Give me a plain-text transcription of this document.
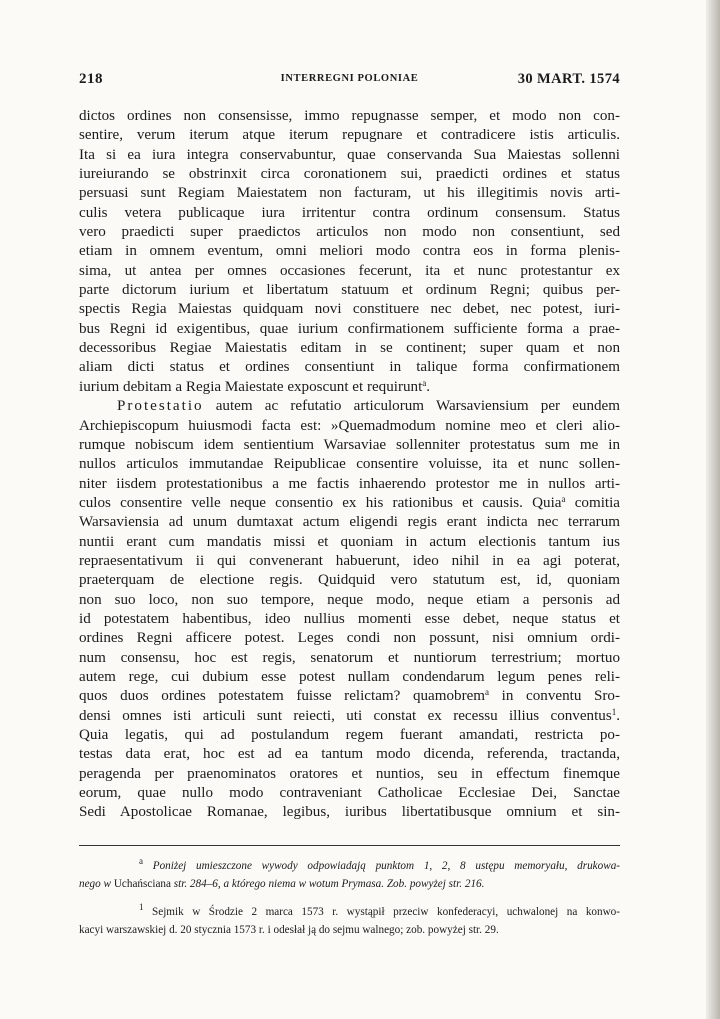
218	INTERREGNI POLONIAE	30 MART. 1574
dictos ordines non consensisse, immo repugnasse semper, et modo non con-
sentire, verum iterum atque iterum repugnare et contradicere istis articulis.
Ita si ea iura integra conservabuntur, quae conservanda Sua Maiestas sollenni
iureiurando se obstrinxit circa coronationem sui, praedicti ordines et status
persuasi sunt Regiam Maiestatem non facturam, ut his illegitimis novis arti-
culis vetera publicaque iura irritentur contra ordinum consensum. Status
vero praedicti super praedictos articulos non modo non consentiunt, sed
etiam in omnem eventum, omni meliori modo contra eos in forma plenis-
sima, ut antea per omnes occasiones fecerunt, ita et nunc protestantur ex
parte dictorum iurium et libertatum statuum et ordinum Regni; quibus per-
spectis Regia Maiestas quidquam novi constituere nec debet, nec potest, iuri-
bus Regni id exigentibus, quae iurium confirmationem sufficiente forma a prae-
decessoribus Regiae Maiestatis editam in se continent; super quam et non
aliam dicti status et ordines consentiunt in talique forma confirmationem
iurium debitam a Regia Maiestate exposcunt et requirunt$^a$.
Protestatio autem ac refutatio articulorum Warsaviensium per eundem
Archiepiscopum huiusmodi facta est: »Quemadmodum nomine meo et cleri alio-
rumque nobiscum idem sentientium Warsaviae sollenniter protestatus sum me in
nullos articulos immutandae Reipublicae consentire voluisse, ita et nunc sollen-
niter iisdem protestationibus a me factis inhaerendo protestor me in nullos arti-
culos consentire velle neque consentio ex his rationibus et causis. Quia$^a$ comitia
Warsaviensia ad unum dumtaxat actum eligendi regis erant indicta nec terrarum
nuntii erant cum mandatis missi et quoniam in actum electionis tantum ius
repraesentativum ii qui convenerant habuerunt, ideo nihil in ea agi poterat,
praeterquam de electione regis. Quidquid vero statutum est, id, quoniam
non suo loco, non suo tempore, neque modo, neque etiam a personis ad
id potestatem habentibus, ideo nullius momenti esse debet, neque status et
ordines Regni afficere potest. Leges condi non possunt, nisi omnium ordi-
num consensu, hoc est regis, senatorum et nuntiorum terrestrium; mortuo
autem rege, cui dubium esse potest nullam condendarum legum penes reli-
quos duos ordines potestatem fuisse relictam? quamobrem$^a$ in conventu Sro-
densi omnes isti articuli sunt reiecti, uti constat ex recessu illius conventus$^1$.
Quia legatis, qui ad postulandum regem fuerant amandati, restricta po-
testas data erat, hoc est ad ea tantum modo dicenda, referenda, tractanda,
peragenda per praenominatos oratores et nuntios, seu in effectum finemque
eorum, quae nullo modo contraveniant Catholicae Ecclesiae Dei, Sanctae
Sedi Apostolicae Romanae, legibus, iuribus libertatibusque omnium et sin-
$^a$ Poniżej umieszczone wywody odpowiadają punktom 1, 2, 8 ustępu memoryału, drukowa-
nego w Uchańsciana str. 284–6, a którego niema w wotum Prymasa. Zob. powyżej str. 216.
$^1$ Sejmik w Środzie 2 marca 1573 r. wystąpił przeciw konfederacyi, uchwalonej na konwo-
kacyi warszawskiej d. 20 stycznia 1573 r. i odesłał ją do sejmu walnego; zob. powyżej str. 29.
